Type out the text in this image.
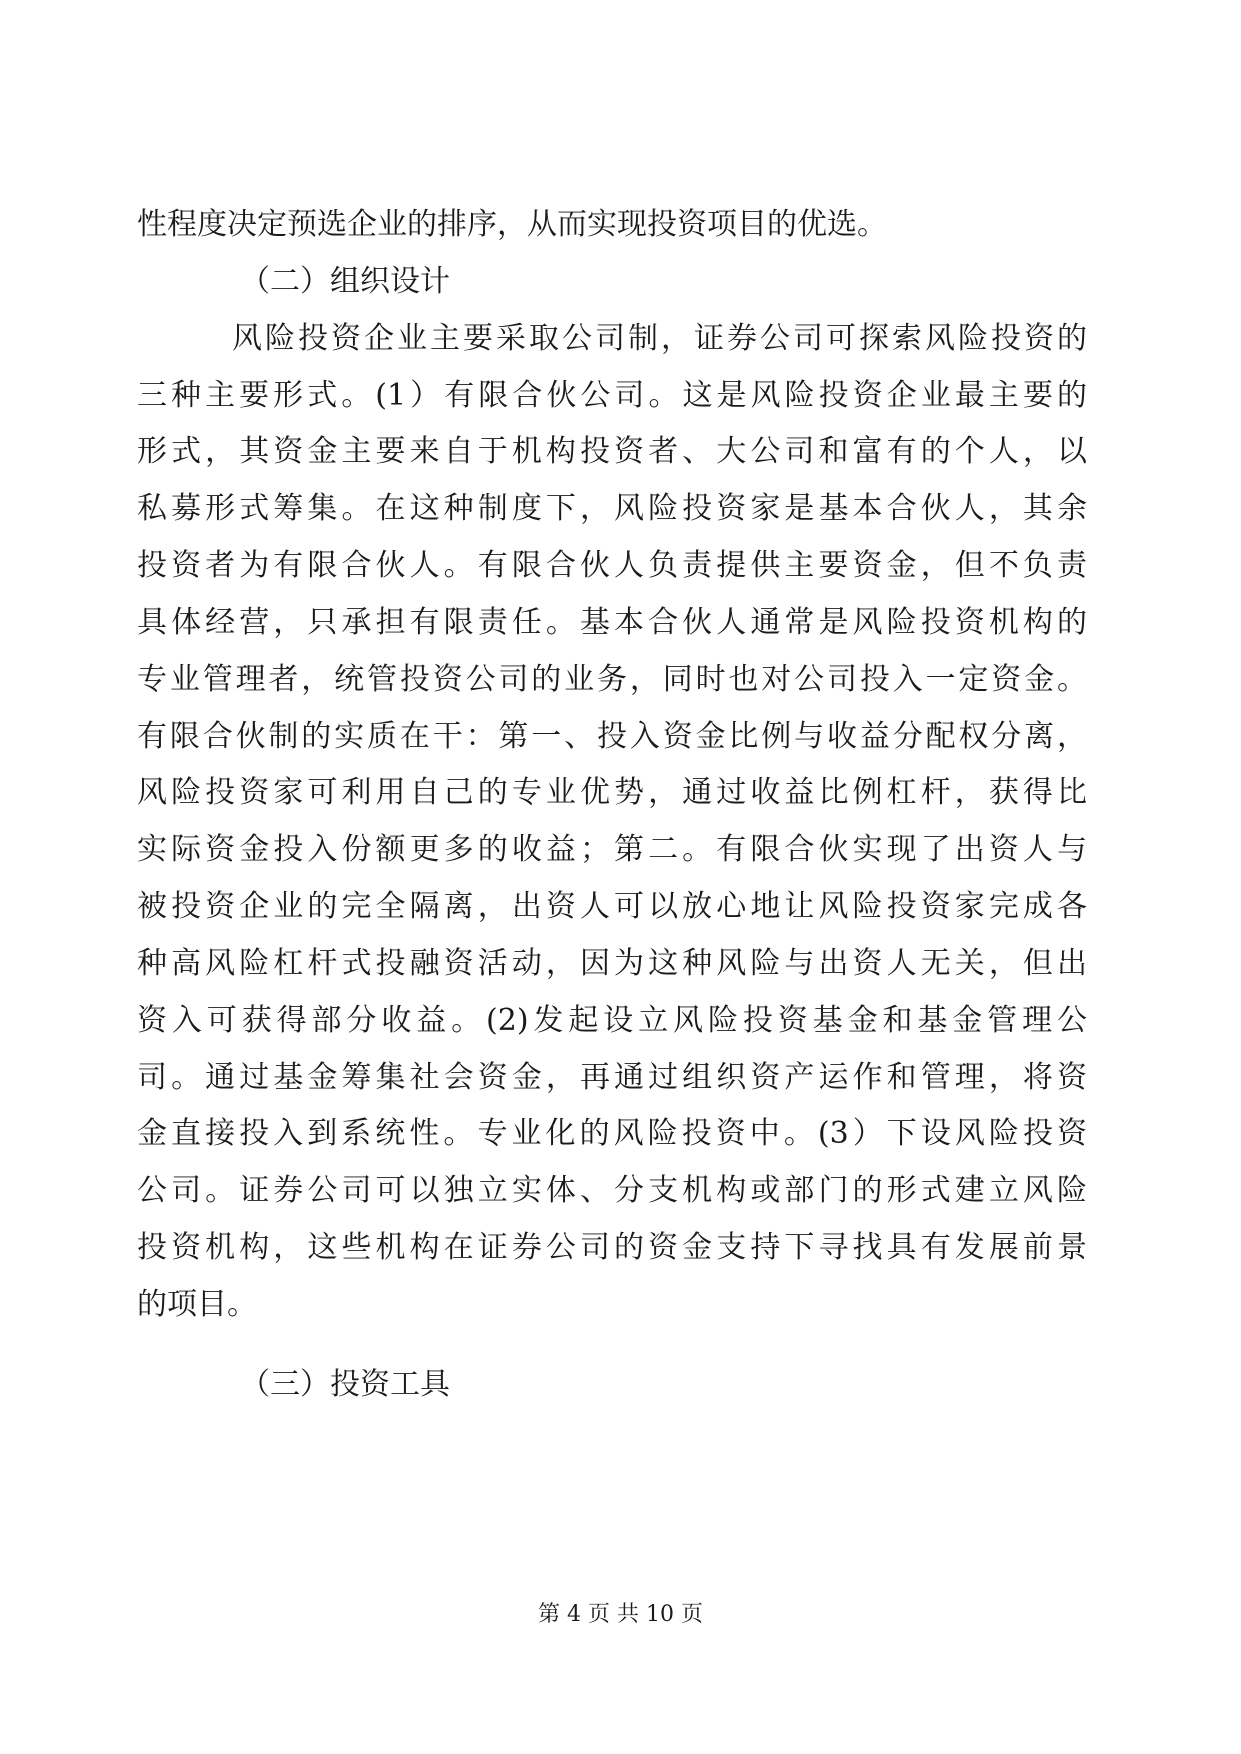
性程度决定预选企业的排序，从而实现投资项目的优选。
（二）组织设计
风险投资企业主要采取公司制，证券公司可探索风险投资的
三种主要形式。(1）有限合伙公司。这是风险投资企业最主要的
形式，其资金主要来自于机构投资者、大公司和富有的个人，以
私募形式筹集。在这种制度下，风险投资家是基本合伙人，其余
投资者为有限合伙人。有限合伙人负责提供主要资金，但不负责
具体经营，只承担有限责任。基本合伙人通常是风险投资机构的
专业管理者，统管投资公司的业务，同时也对公司投入一定资金。
有限合伙制的实质在干：第一、投入资金比例与收益分配权分离，
风险投资家可利用自己的专业优势，通过收益比例杠杆，获得比
实际资金投入份额更多的收益；第二。有限合伙实现了出资人与
被投资企业的完全隔离，出资人可以放心地让风险投资家完成各
种高风险杠杆式投融资活动，因为这种风险与出资人无关，但出
资入可获得部分收益。(2)发起设立风险投资基金和基金管理公
司。通过基金筹集社会资金，再通过组织资产运作和管理，将资
金直接投入到系统性。专业化的风险投资中。(3）下设风险投资
公司。证券公司可以独立实体、分支机构或部门的形式建立风险
投资机构，这些机构在证券公司的资金支持下寻找具有发展前景
的项目。
第 4 页 共 10 页
（三）投资工具
